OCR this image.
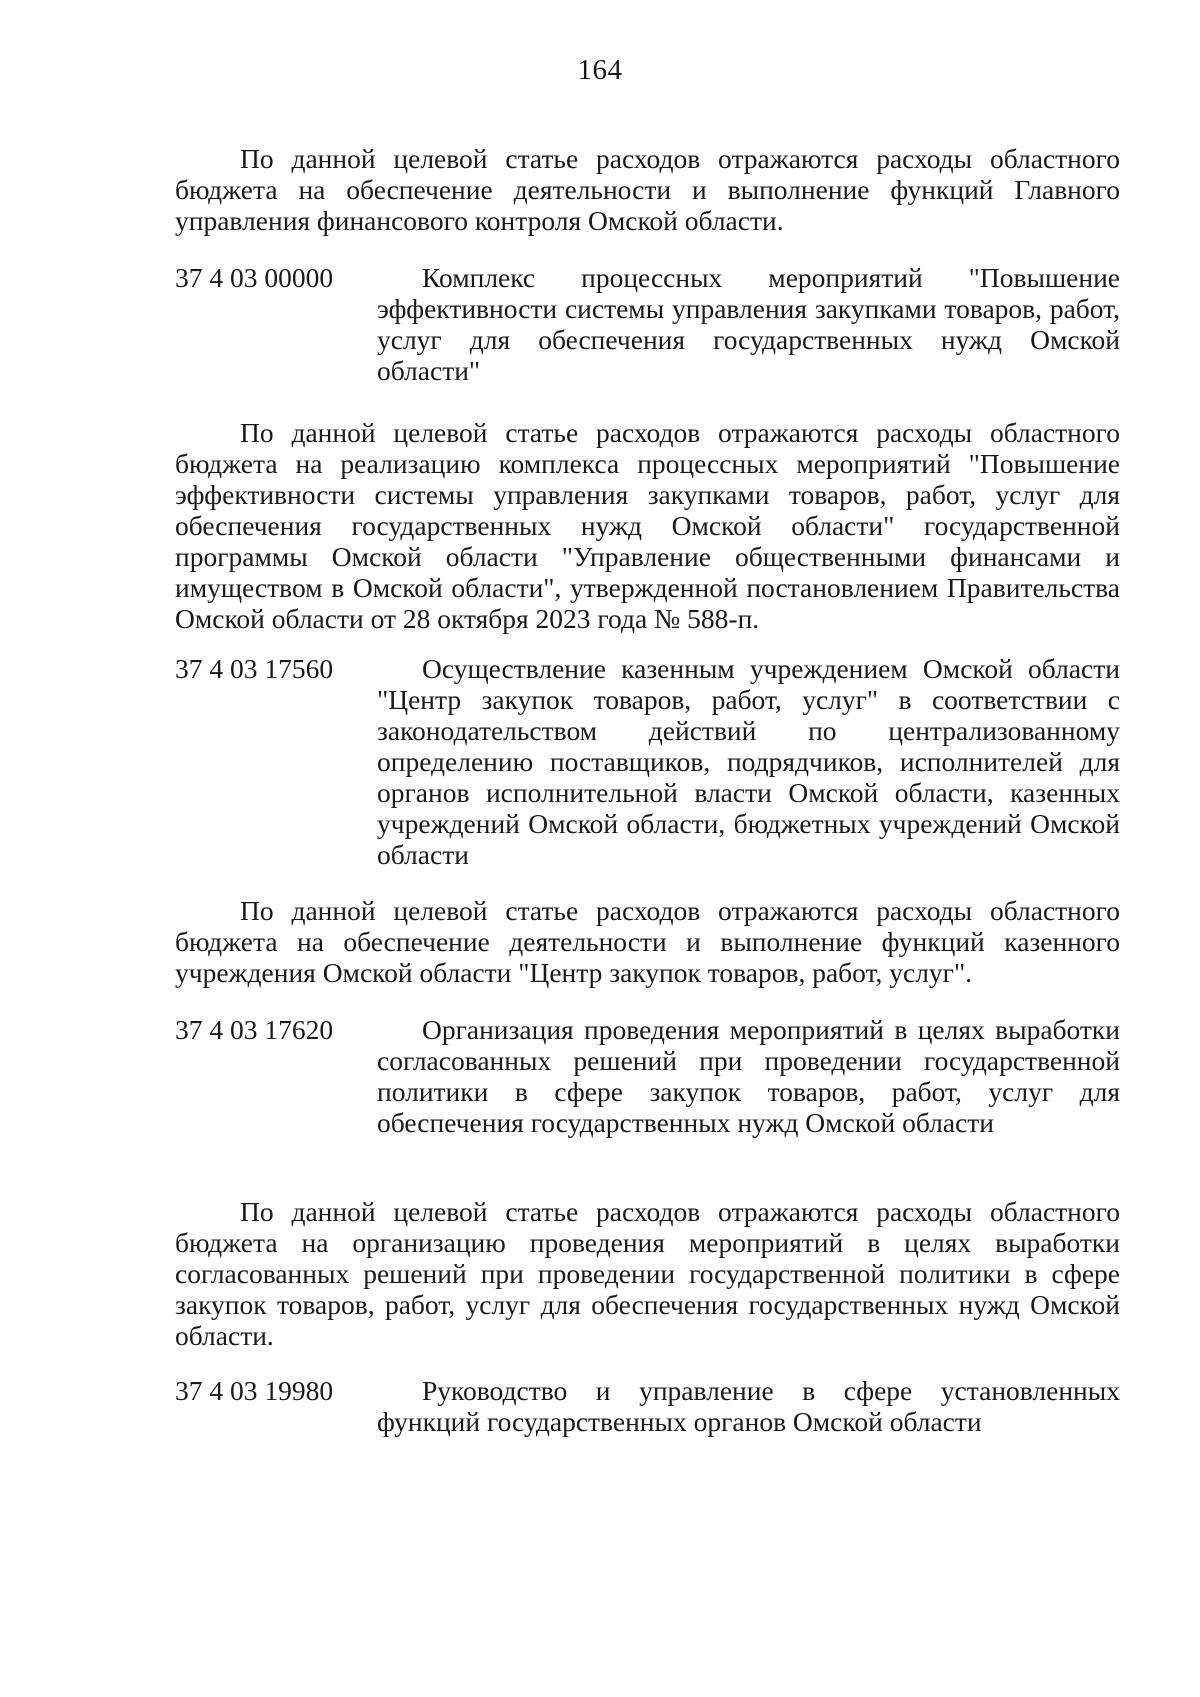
164

По данной целевой статье расходов отражаются расходы областного бюджета на обеспечение деятельности и выполнение функций Главного управления финансового контроля Омской области.

37 4 03 00000	Комплекс процессных мероприятий "Повышение эффективности системы управления закупками товаров, работ, услуг для обеспечения государственных нужд Омской области"

По данной целевой статье расходов отражаются расходы областного бюджета на реализацию комплекса процессных мероприятий "Повышение эффективности системы управления закупками товаров, работ, услуг для обеспечения государственных нужд Омской области" государственной программы Омской области "Управление общественными финансами и имуществом в Омской области", утвержденной постановлением Правительства Омской области от 28 октября 2023 года № 588-п.

37 4 03 17560	Осуществление казенным учреждением Омской области "Центр закупок товаров, работ, услуг" в соответствии с законодательством действий по централизованному определению поставщиков, подрядчиков, исполнителей для органов исполнительной власти Омской области, казенных учреждений Омской области, бюджетных учреждений Омской области

По данной целевой статье расходов отражаются расходы областного бюджета на обеспечение деятельности и выполнение функций казенного учреждения Омской области "Центр закупок товаров, работ, услуг".

37 4 03 17620	Организация проведения мероприятий в целях выработки согласованных решений при проведении государственной политики в сфере закупок товаров, работ, услуг для обеспечения государственных нужд Омской области

По данной целевой статье расходов отражаются расходы областного бюджета на организацию проведения мероприятий в целях выработки согласованных решений при проведении государственной политики в сфере закупок товаров, работ, услуг для обеспечения государственных нужд Омской области.

37 4 03 19980	Руководство и управление в сфере установленных функций государственных органов Омской области
